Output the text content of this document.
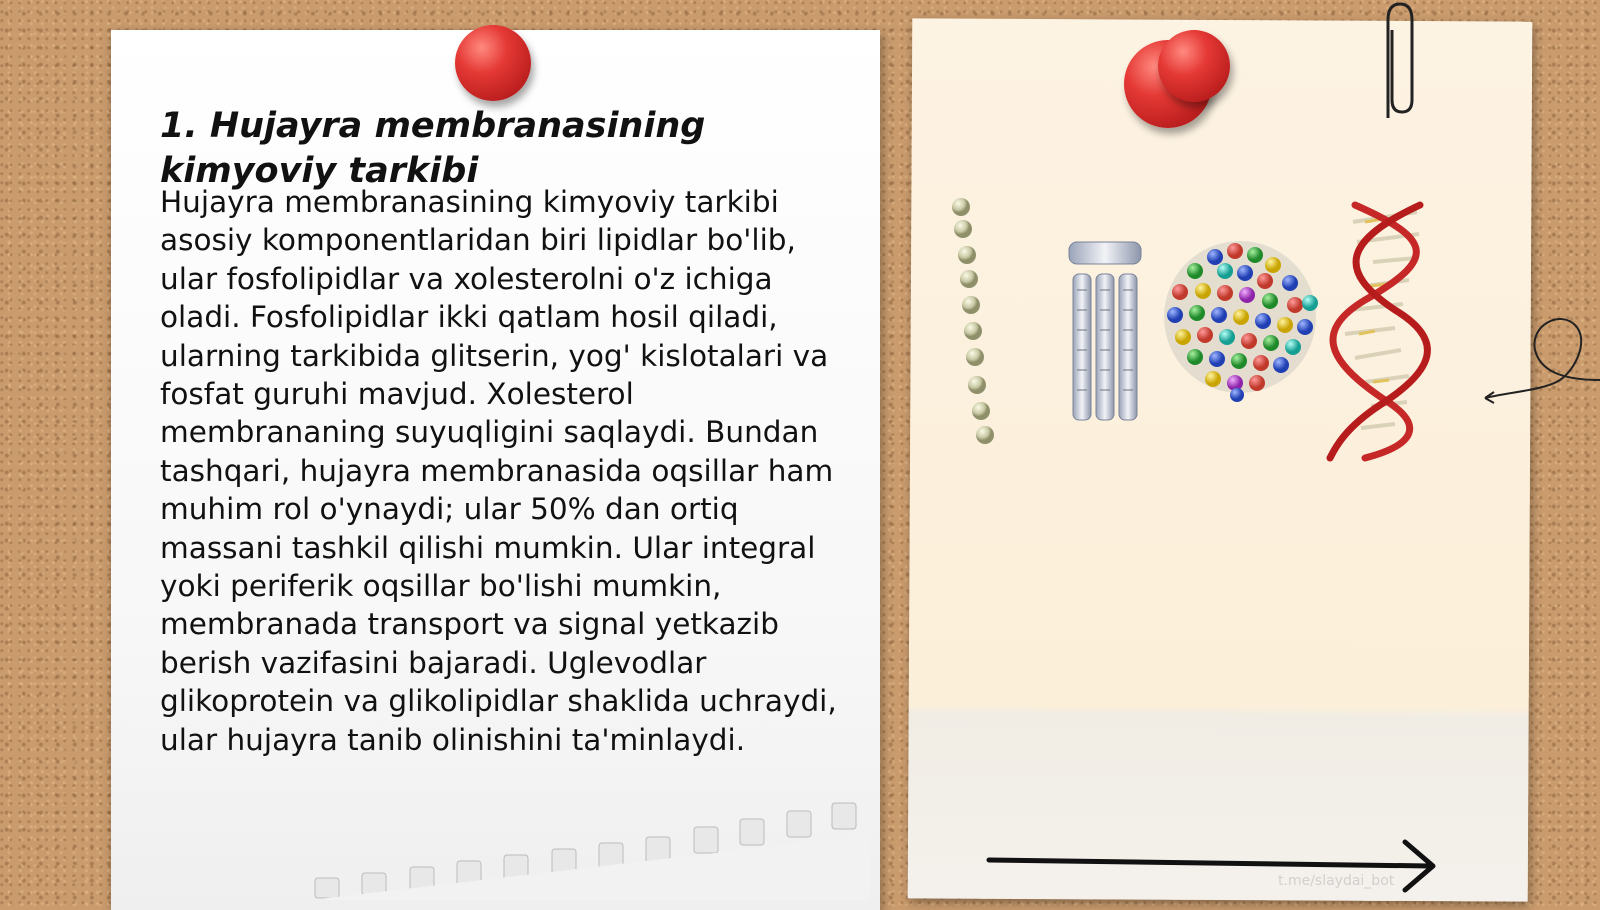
1. Hujayra membranasining kimyoviy tarkibi

Hujayra membranasining kimyoviy tarkibi asosiy komponentlaridan biri lipidlar bo'lib, ular fosfolipidlar va xolesterolni o'z ichiga oladi. Fosfolipidlar ikki qatlam hosil qiladi, ularning tarkibida glitserin, yog' kislotalari va fosfat guruhi mavjud. Xolesterol membrananing suyuqligini saqlaydi. Bundan tashqari, hujayra membranasida oqsillar ham muhim rol o'ynaydi; ular 50% dan ortiq massani tashkil qilishi mumkin. Ular integral yoki periferik oqsillar bo'lishi mumkin, membranada transport va signal yetkazib berish vazifasini bajaradi. Uglevodlar glikoprotein va glikolipidlar shaklida uchraydi, ular hujayra tanib olinishini ta'minlaydi.

t.me/slaydai_bot
